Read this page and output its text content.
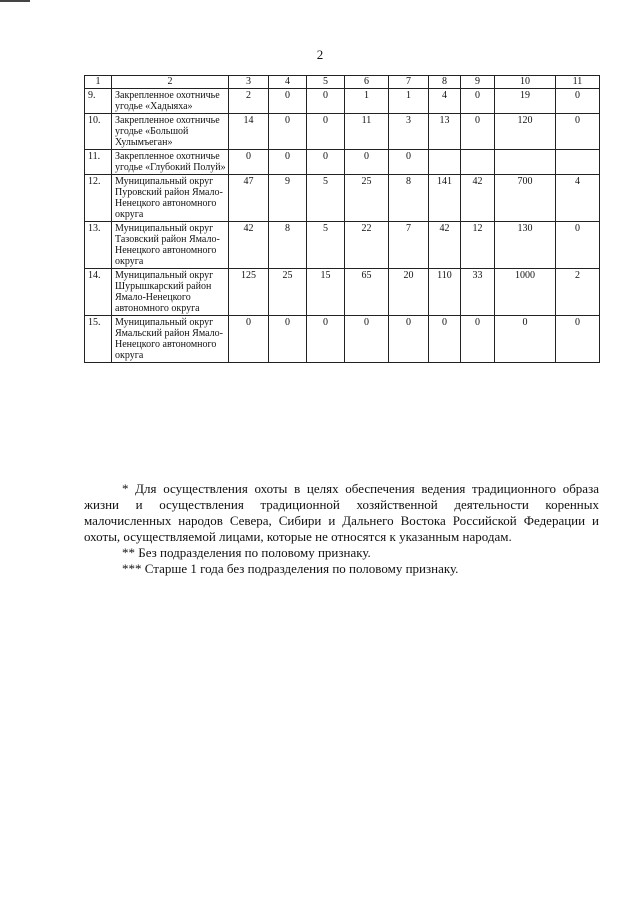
2
1	2	3	4	5	6	7	8	9	10	11
9.	Закрепленное охотничье угодье «Хадыяха»	2	0	0	1	1	4	0	19	0
10.	Закрепленное охотничье угодье «Большой Хулымъеган»	14	0	0	11	3	13	0	120	0
11.	Закрепленное охотничье угодье «Глубокий Полуй»	0	0	0	0	0				
12.	Муниципальный округ Пуровский район Ямало-Ненецкого автономного округа	47	9	5	25	8	141	42	700	4
13.	Муниципальный округ Тазовский район Ямало-Ненецкого автономного округа	42	8	5	22	7	42	12	130	0
14.	Муниципальный округ Шурышкарский район Ямало-Ненецкого автономного округа	125	25	15	65	20	110	33	1000	2
15.	Муниципальный округ Ямальский район Ямало-Ненецкого автономного округа	0	0	0	0	0	0	0	0	0

* Для осуществления охоты в целях обеспечения ведения традиционного образа жизни и осуществления традиционной хозяйственной деятельности коренных малочисленных народов Севера, Сибири и Дальнего Востока Российской Федерации и охоты, осуществляемой лицами, которые не относятся к указанным народам.

** Без подразделения по половому признаку.

*** Старше 1 года без подразделения по половому признаку.
